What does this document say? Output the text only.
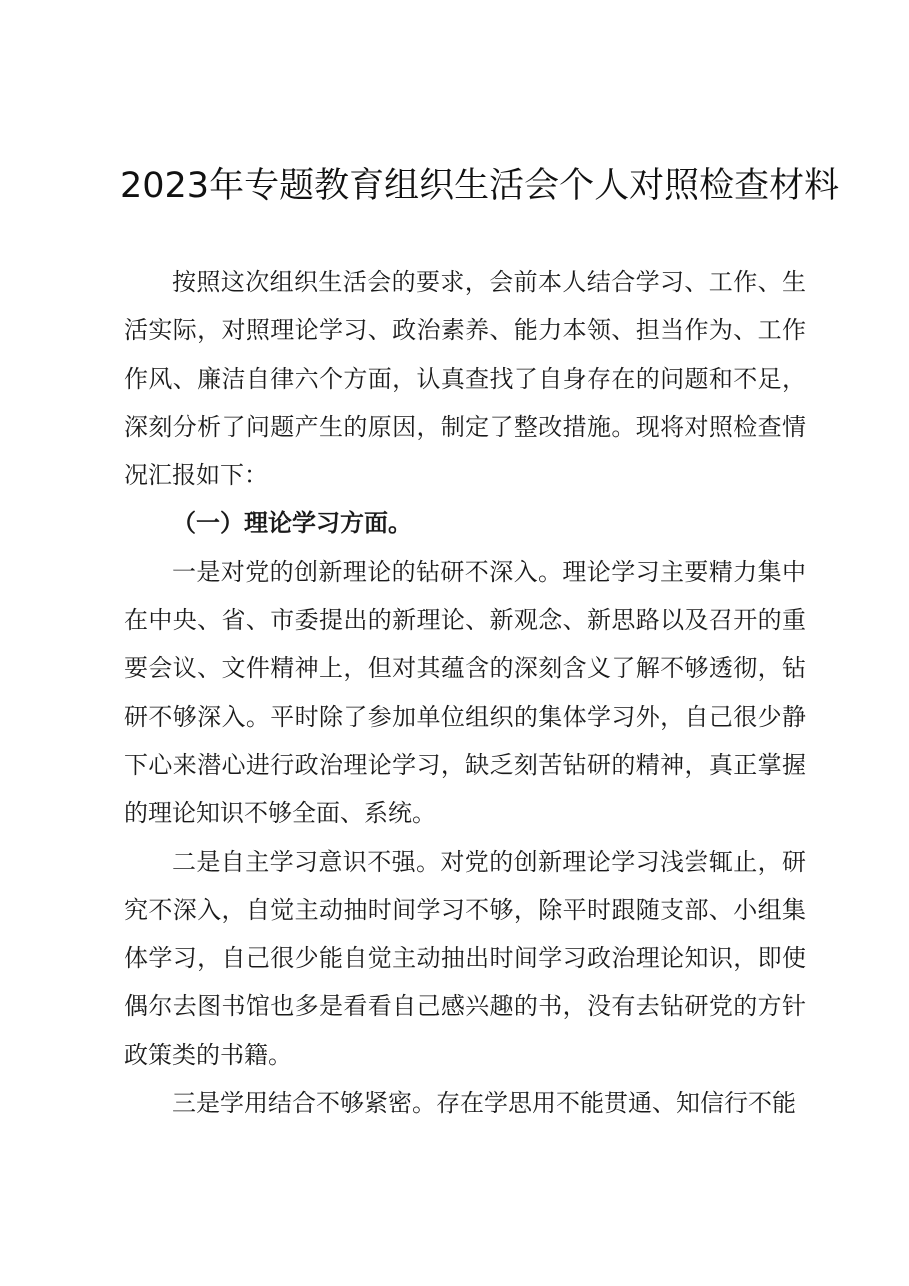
2023年专题教育组织生活会个人对照检查材料

按照这次组织生活会的要求，会前本人结合学习、工作、生活实际，对照理论学习、政治素养、能力本领、担当作为、工作作风、廉洁自律六个方面，认真查找了自身存在的问题和不足，深刻分析了问题产生的原因，制定了整改措施。现将对照检查情况汇报如下：

（一）理论学习方面。

一是对党的创新理论的钻研不深入。理论学习主要精力集中在中央、省、市委提出的新理论、新观念、新思路以及召开的重要会议、文件精神上，但对其蕴含的深刻含义了解不够透彻，钻研不够深入。平时除了参加单位组织的集体学习外，自己很少静下心来潜心进行政治理论学习，缺乏刻苦钻研的精神，真正掌握的理论知识不够全面、系统。

二是自主学习意识不强。对党的创新理论学习浅尝辄止，研究不深入，自觉主动抽时间学习不够，除平时跟随支部、小组集体学习，自己很少能自觉主动抽出时间学习政治理论知识，即使偶尔去图书馆也多是看看自己感兴趣的书，没有去钻研党的方针政策类的书籍。

三是学用结合不够紧密。存在学思用不能贯通、知信行不能
